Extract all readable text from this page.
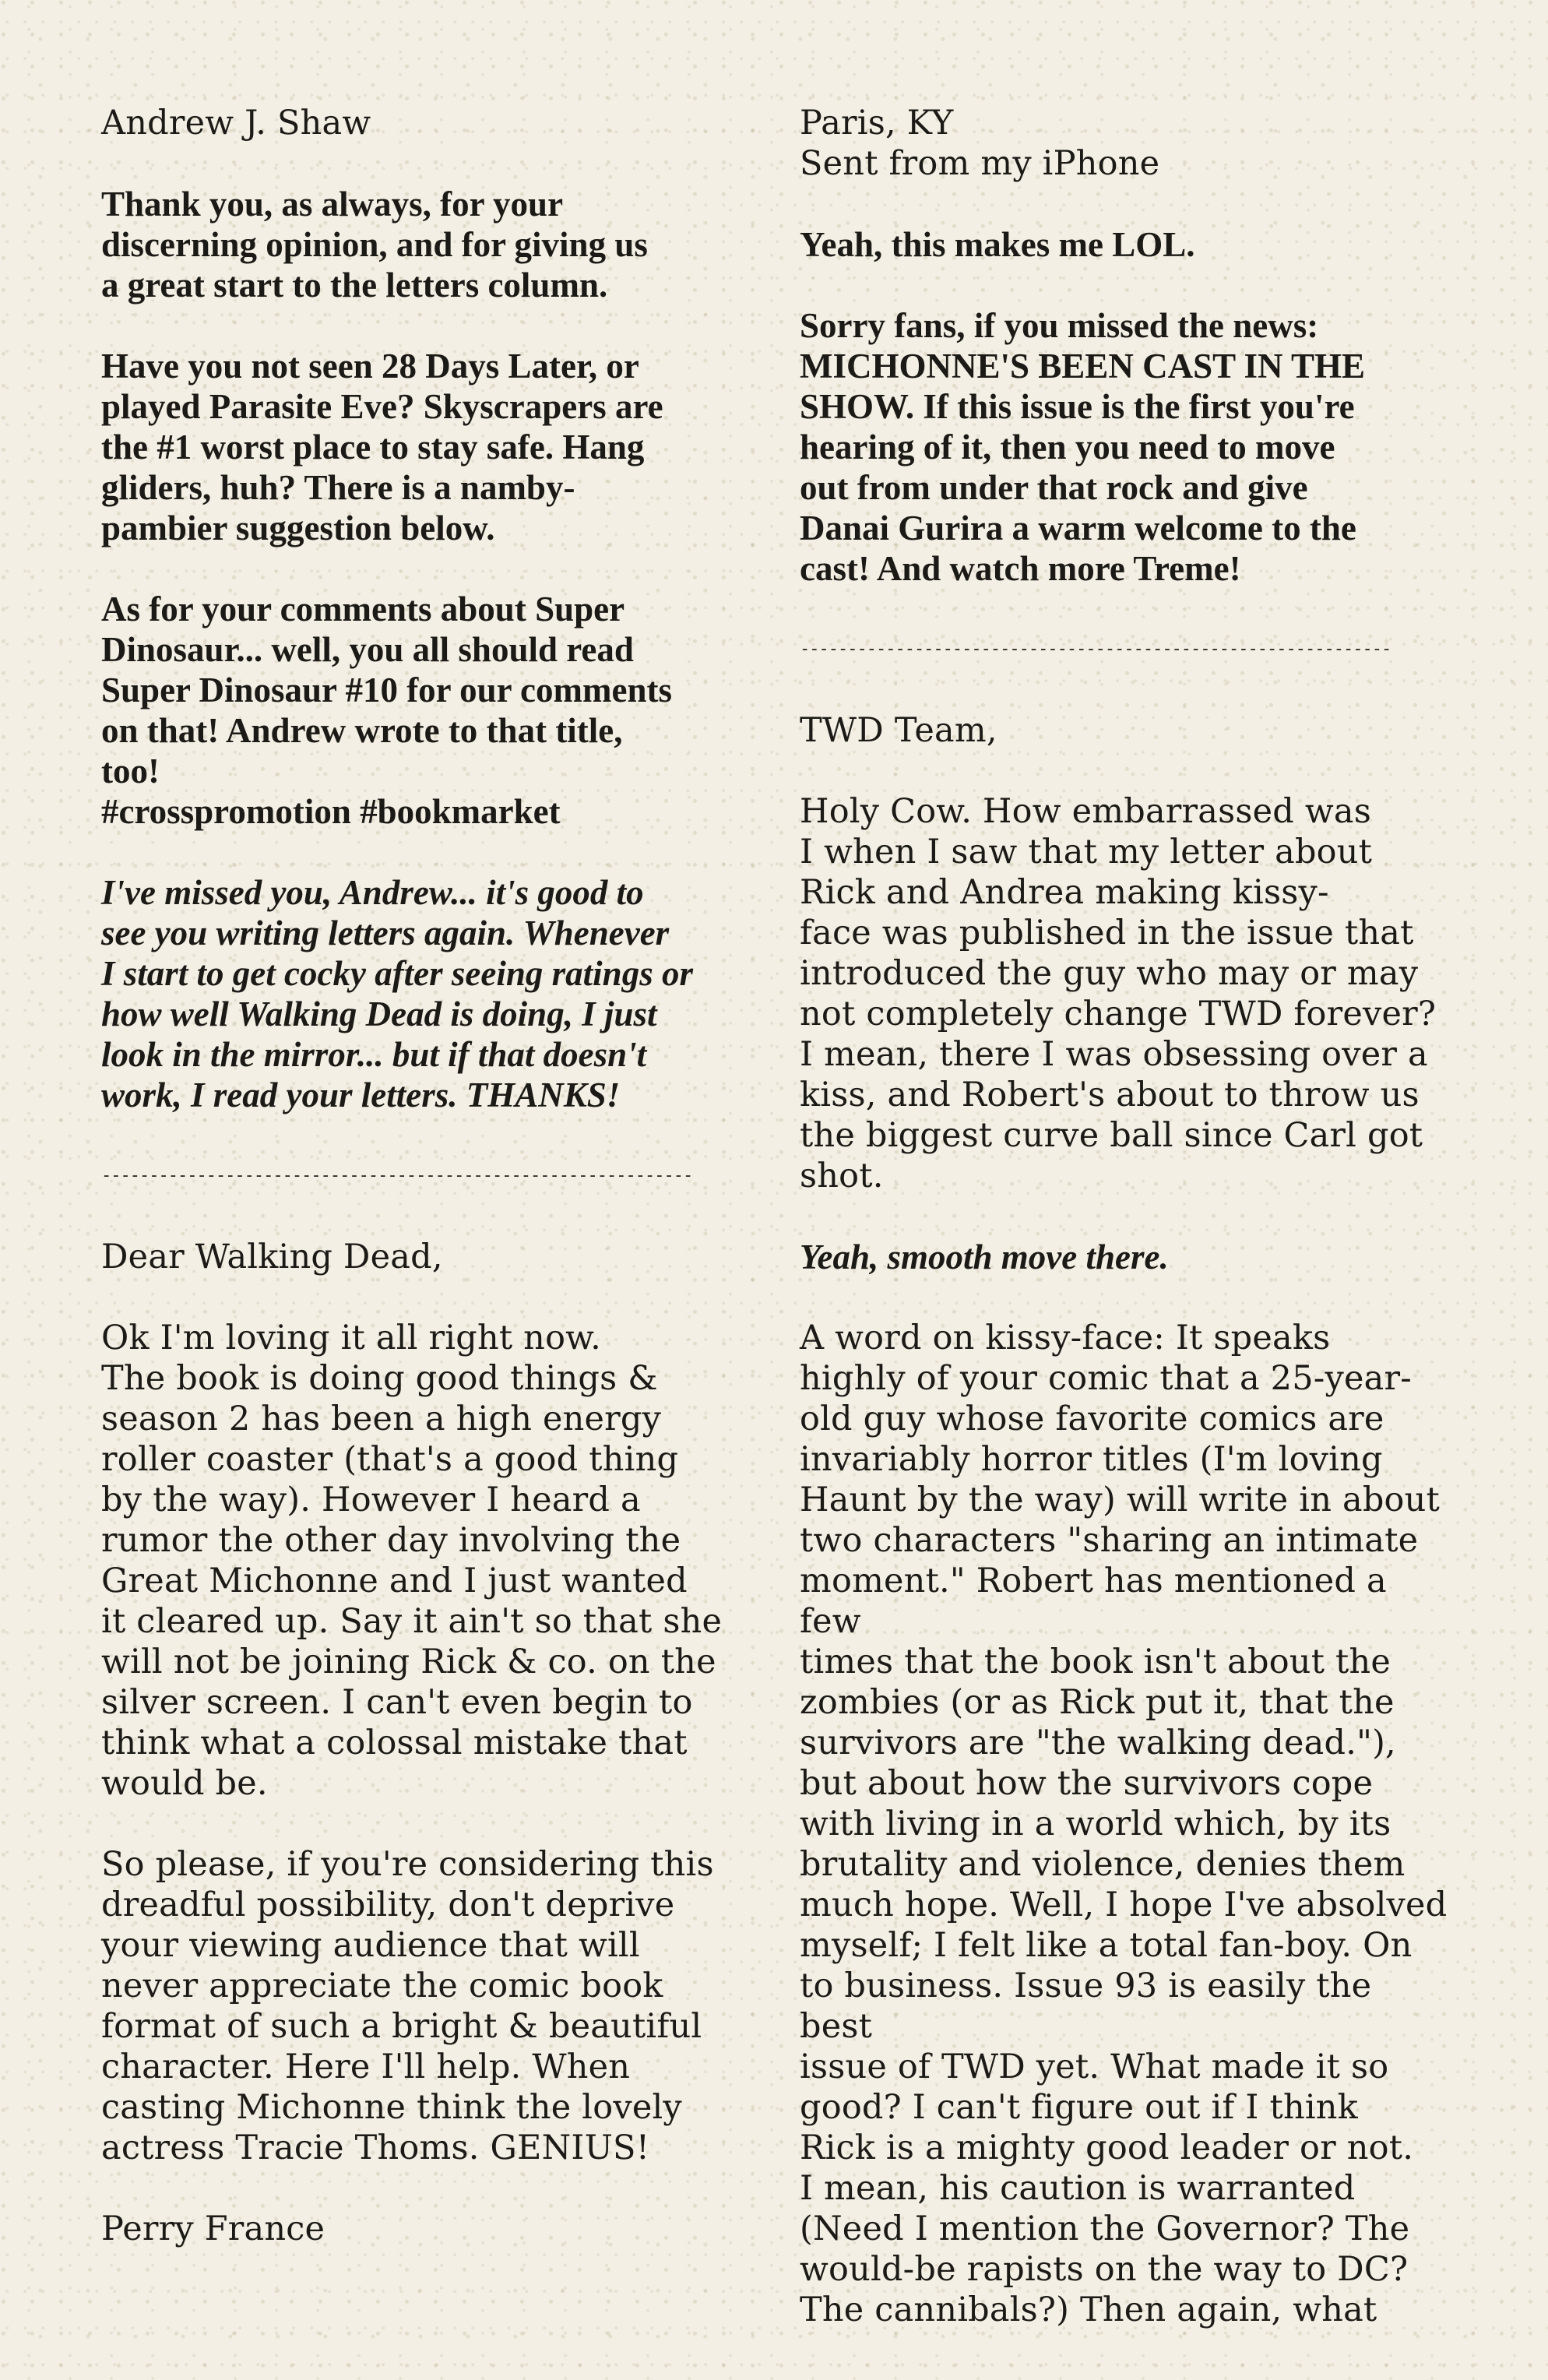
Andrew J. Shaw

Thank you, as always, for your
discerning opinion, and for giving us
a great start to the letters column.

Have you not seen 28 Days Later, or
played Parasite Eve? Skyscrapers are
the #1 worst place to stay safe. Hang
gliders, huh? There is a namby-
pambier suggestion below.

As for your comments about Super
Dinosaur... well, you all should read
Super Dinosaur #10 for our comments
on that! Andrew wrote to that title,
too!

#crosspromotion #bookmarket

I've missed you, Andrew... it's good to
see you writing letters again. Whenever
I start to get cocky after seeing ratings or
how well Walking Dead is doing, I just
look in the mirror... but if that doesn't
work, I read your letters. THANKS!

--------------------------------------------------------------

Dear Walking Dead,

Ok I'm loving it all right now.
The book is doing good things &
season 2 has been a high energy
roller coaster (that's a good thing
by the way). However I heard a
rumor the other day involving the
Great Michonne and I just wanted
it cleared up. Say it ain't so that she
will not be joining Rick & co. on the
silver screen. I can't even begin to
think what a colossal mistake that
would be.

So please, if you're considering this
dreadful possibility, don't deprive
your viewing audience that will
never appreciate the comic book
format of such a bright & beautiful
character. Here I'll help. When
casting Michonne think the lovely
actress Tracie Thoms. GENIUS!

Perry France

Paris, KY
Sent from my iPhone

Yeah, this makes me LOL.

Sorry fans, if you missed the news:
MICHONNE'S BEEN CAST IN THE
SHOW. If this issue is the first you're
hearing of it, then you need to move
out from under that rock and give
Danai Gurira a warm welcome to the
cast! And watch more Treme!

--------------------------------------------------------------

TWD Team,

Holy Cow. How embarrassed was
I when I saw that my letter about
Rick and Andrea making kissy-
face was published in the issue that
introduced the guy who may or may
not completely change TWD forever?
I mean, there I was obsessing over a
kiss, and Robert's about to throw us
the biggest curve ball since Carl got
shot.

Yeah, smooth move there.

A word on kissy-face: It speaks
highly of your comic that a 25-year-
old guy whose favorite comics are
invariably horror titles (I'm loving
Haunt by the way) will write in about
two characters "sharing an intimate
moment." Robert has mentioned a few
times that the book isn't about the
zombies (or as Rick put it, that the
survivors are "the walking dead."),
but about how the survivors cope
with living in a world which, by its
brutality and violence, denies them
much hope. Well, I hope I've absolved
myself; I felt like a total fan-boy. On
to business. Issue 93 is easily the best
issue of TWD yet. What made it so
good? I can't figure out if I think
Rick is a mighty good leader or not.
I mean, his caution is warranted
(Need I mention the Governor? The
would-be rapists on the way to DC?
The cannibals?) Then again, what
